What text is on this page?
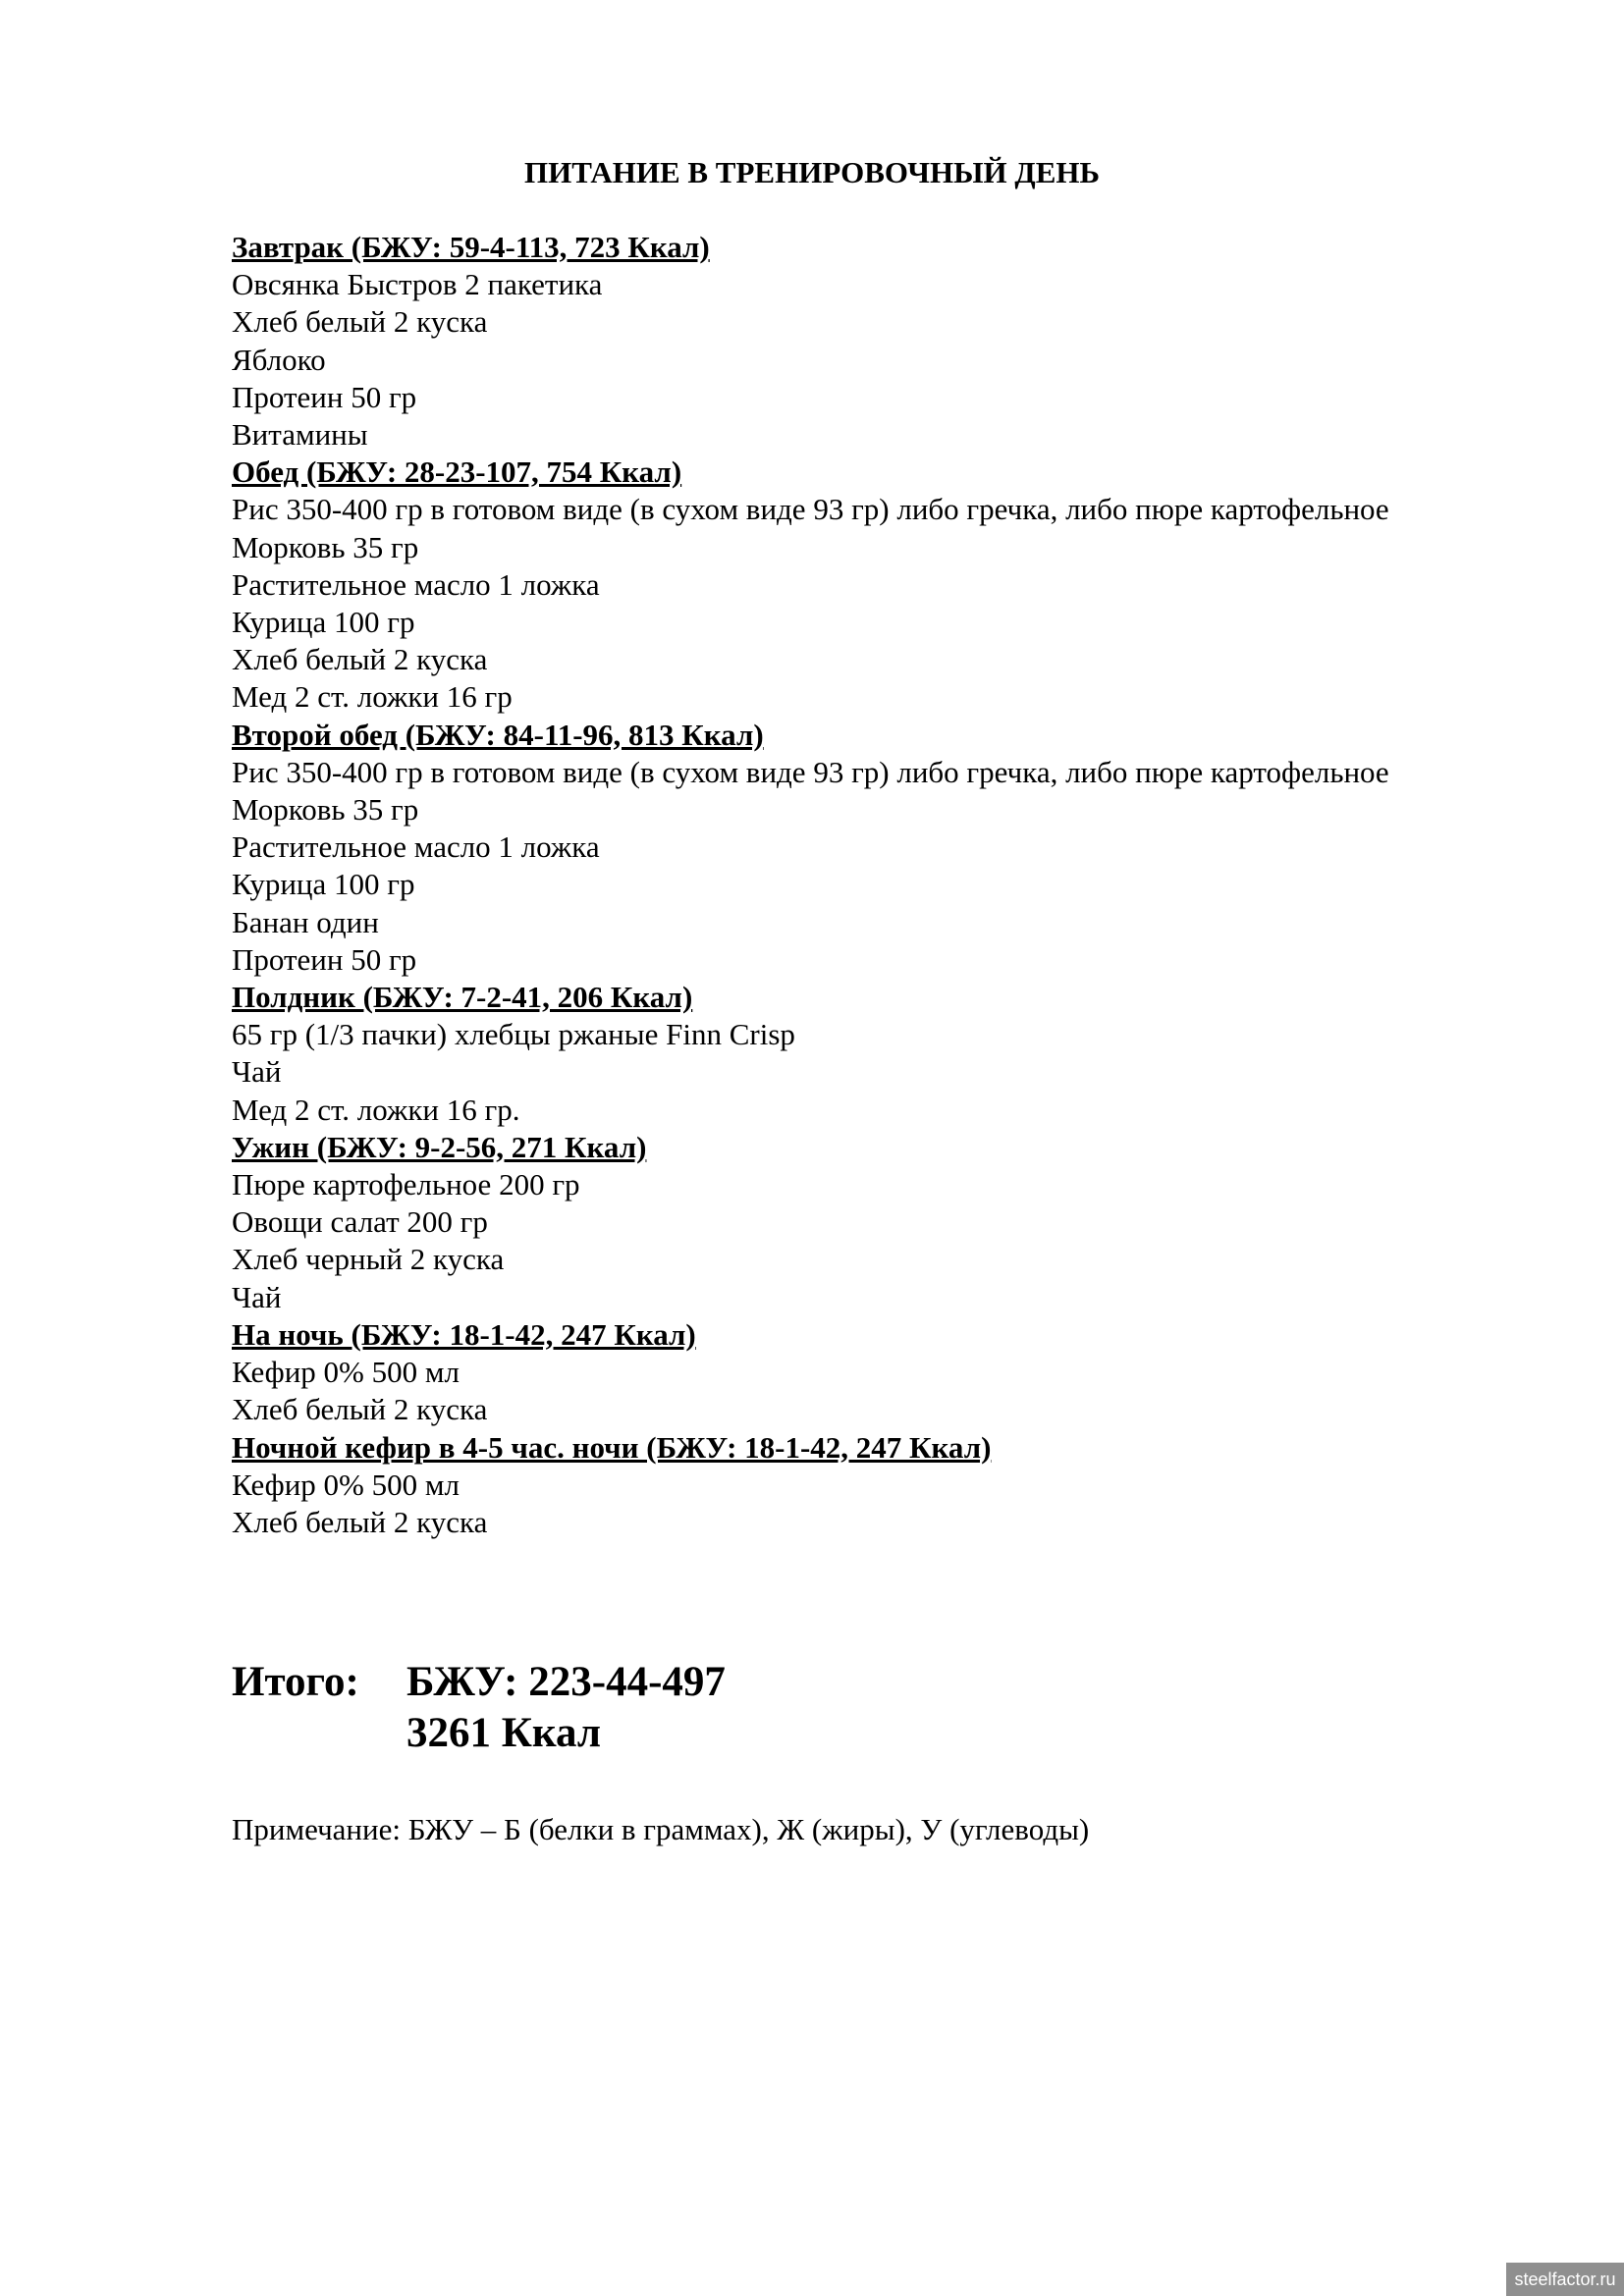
ПИТАНИЕ В ТРЕНИРОВОЧНЫЙ ДЕНЬ
Завтрак (БЖУ: 59-4-113, 723 Ккал)
Овсянка Быстров 2 пакетика
Хлеб белый 2 куска
Яблоко
Протеин 50 гр
Витамины
Обед (БЖУ: 28-23-107, 754 Ккал)
Рис 350-400 гр в готовом виде (в сухом виде 93 гр) либо гречка, либо пюре картофельное
Морковь 35 гр
Растительное масло 1 ложка
Курица 100 гр
Хлеб белый 2 куска
Мед 2 ст. ложки 16 гр
Второй обед (БЖУ: 84-11-96, 813 Ккал)
Рис 350-400 гр в готовом виде (в сухом виде 93 гр) либо гречка, либо пюре картофельное
Морковь 35 гр
Растительное масло 1 ложка
Курица 100 гр
Банан один
Протеин 50 гр
Полдник (БЖУ: 7-2-41, 206 Ккал)
65 гр (1/3 пачки) хлебцы ржаные Finn Crisp
Чай
Мед 2 ст. ложки 16 гр.
Ужин (БЖУ: 9-2-56, 271 Ккал)
Пюре картофельное 200 гр
Овощи салат 200 гр
Хлеб черный 2 куска
Чай
На ночь (БЖУ: 18-1-42, 247 Ккал)
Кефир 0% 500 мл
Хлеб белый 2 куска
Ночной кефир в 4-5 час. ночи (БЖУ: 18-1-42, 247 Ккал)
Кефир 0% 500 мл
Хлеб белый 2 куска
Итого: БЖУ: 223-44-497
3261 Ккал
Примечание: БЖУ – Б (белки в граммах), Ж (жиры), У (углеводы)
steelfactor.ru
